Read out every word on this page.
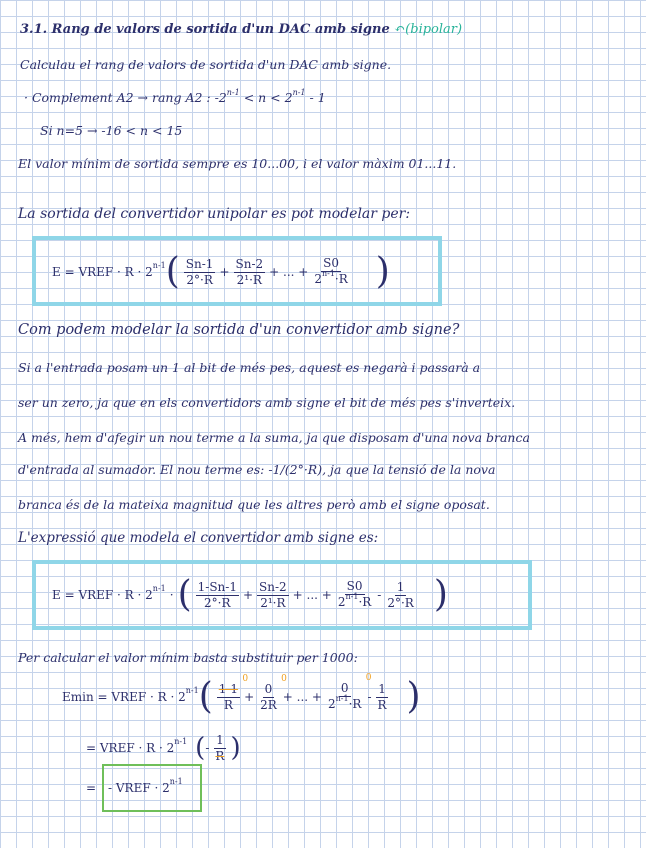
3.1. Rang de valors de sortida d'un DAC amb signe ↶(bipolar)
Calculau el rang de valors de sortida d'un DAC amb signe.
· Complement A2 → rang A2 : $-2^{n-1} < n < 2^{n-1} - 1$
Si n=5 → -16 < n < 15
El valor mínim de sortida sempre es 10...00, i el valor màxim 01...11.
La sortida del convertidor unipolar es pot modelar per:
E = VREF · R · 2 n-1 ( $\frac{Sn-1}{2^\circ\cdot R} + \frac{Sn-2}{\text{2¹·R}}$ + ... + $\frac{S0}{2^{n-1}\cdot R}$ )
Com podem modelar la sortida d'un convertidor amb signe?
Si a l'entrada posam un 1 al bit de més pes, aquest es negarà i passarà a
ser un zero, ja que en els convertidors amb signe el bit de més pes s'inverteix.
A més, hem d'afegir un nou terme a la suma, ja que disposam d'una nova branca
d'entrada al sumador. El nou terme es: -1/(2°·R), ja que la tensió de la nova
branca és de la mateixa magnitud que les altres però amb el signe oposat.
L'expressió que modela el convertidor amb signe es:
E = VREF · R · 2 n-1 · ( $\frac{1-Sn-1}{2^\circ\cdot R} + \frac{Sn-2}{\text{2¹·R}}$ + ... + $\frac{S0}{2^{n-1}\cdot R} - \frac{1}{2^\circ\cdot R}$ )
Per calcular el valor mínim basta substituir per 1000:
Emin = VREF · R · 2 n-1 ( 1-1
R
0
+
0
2R
0
+ ... +
0
$2^{n-1}\cdot R$
0
- $\frac{1}{R}$ )
= VREF · R · 2 n-1 ( - $\frac{1}{R}$ )
= - VREF · 2 n-1
